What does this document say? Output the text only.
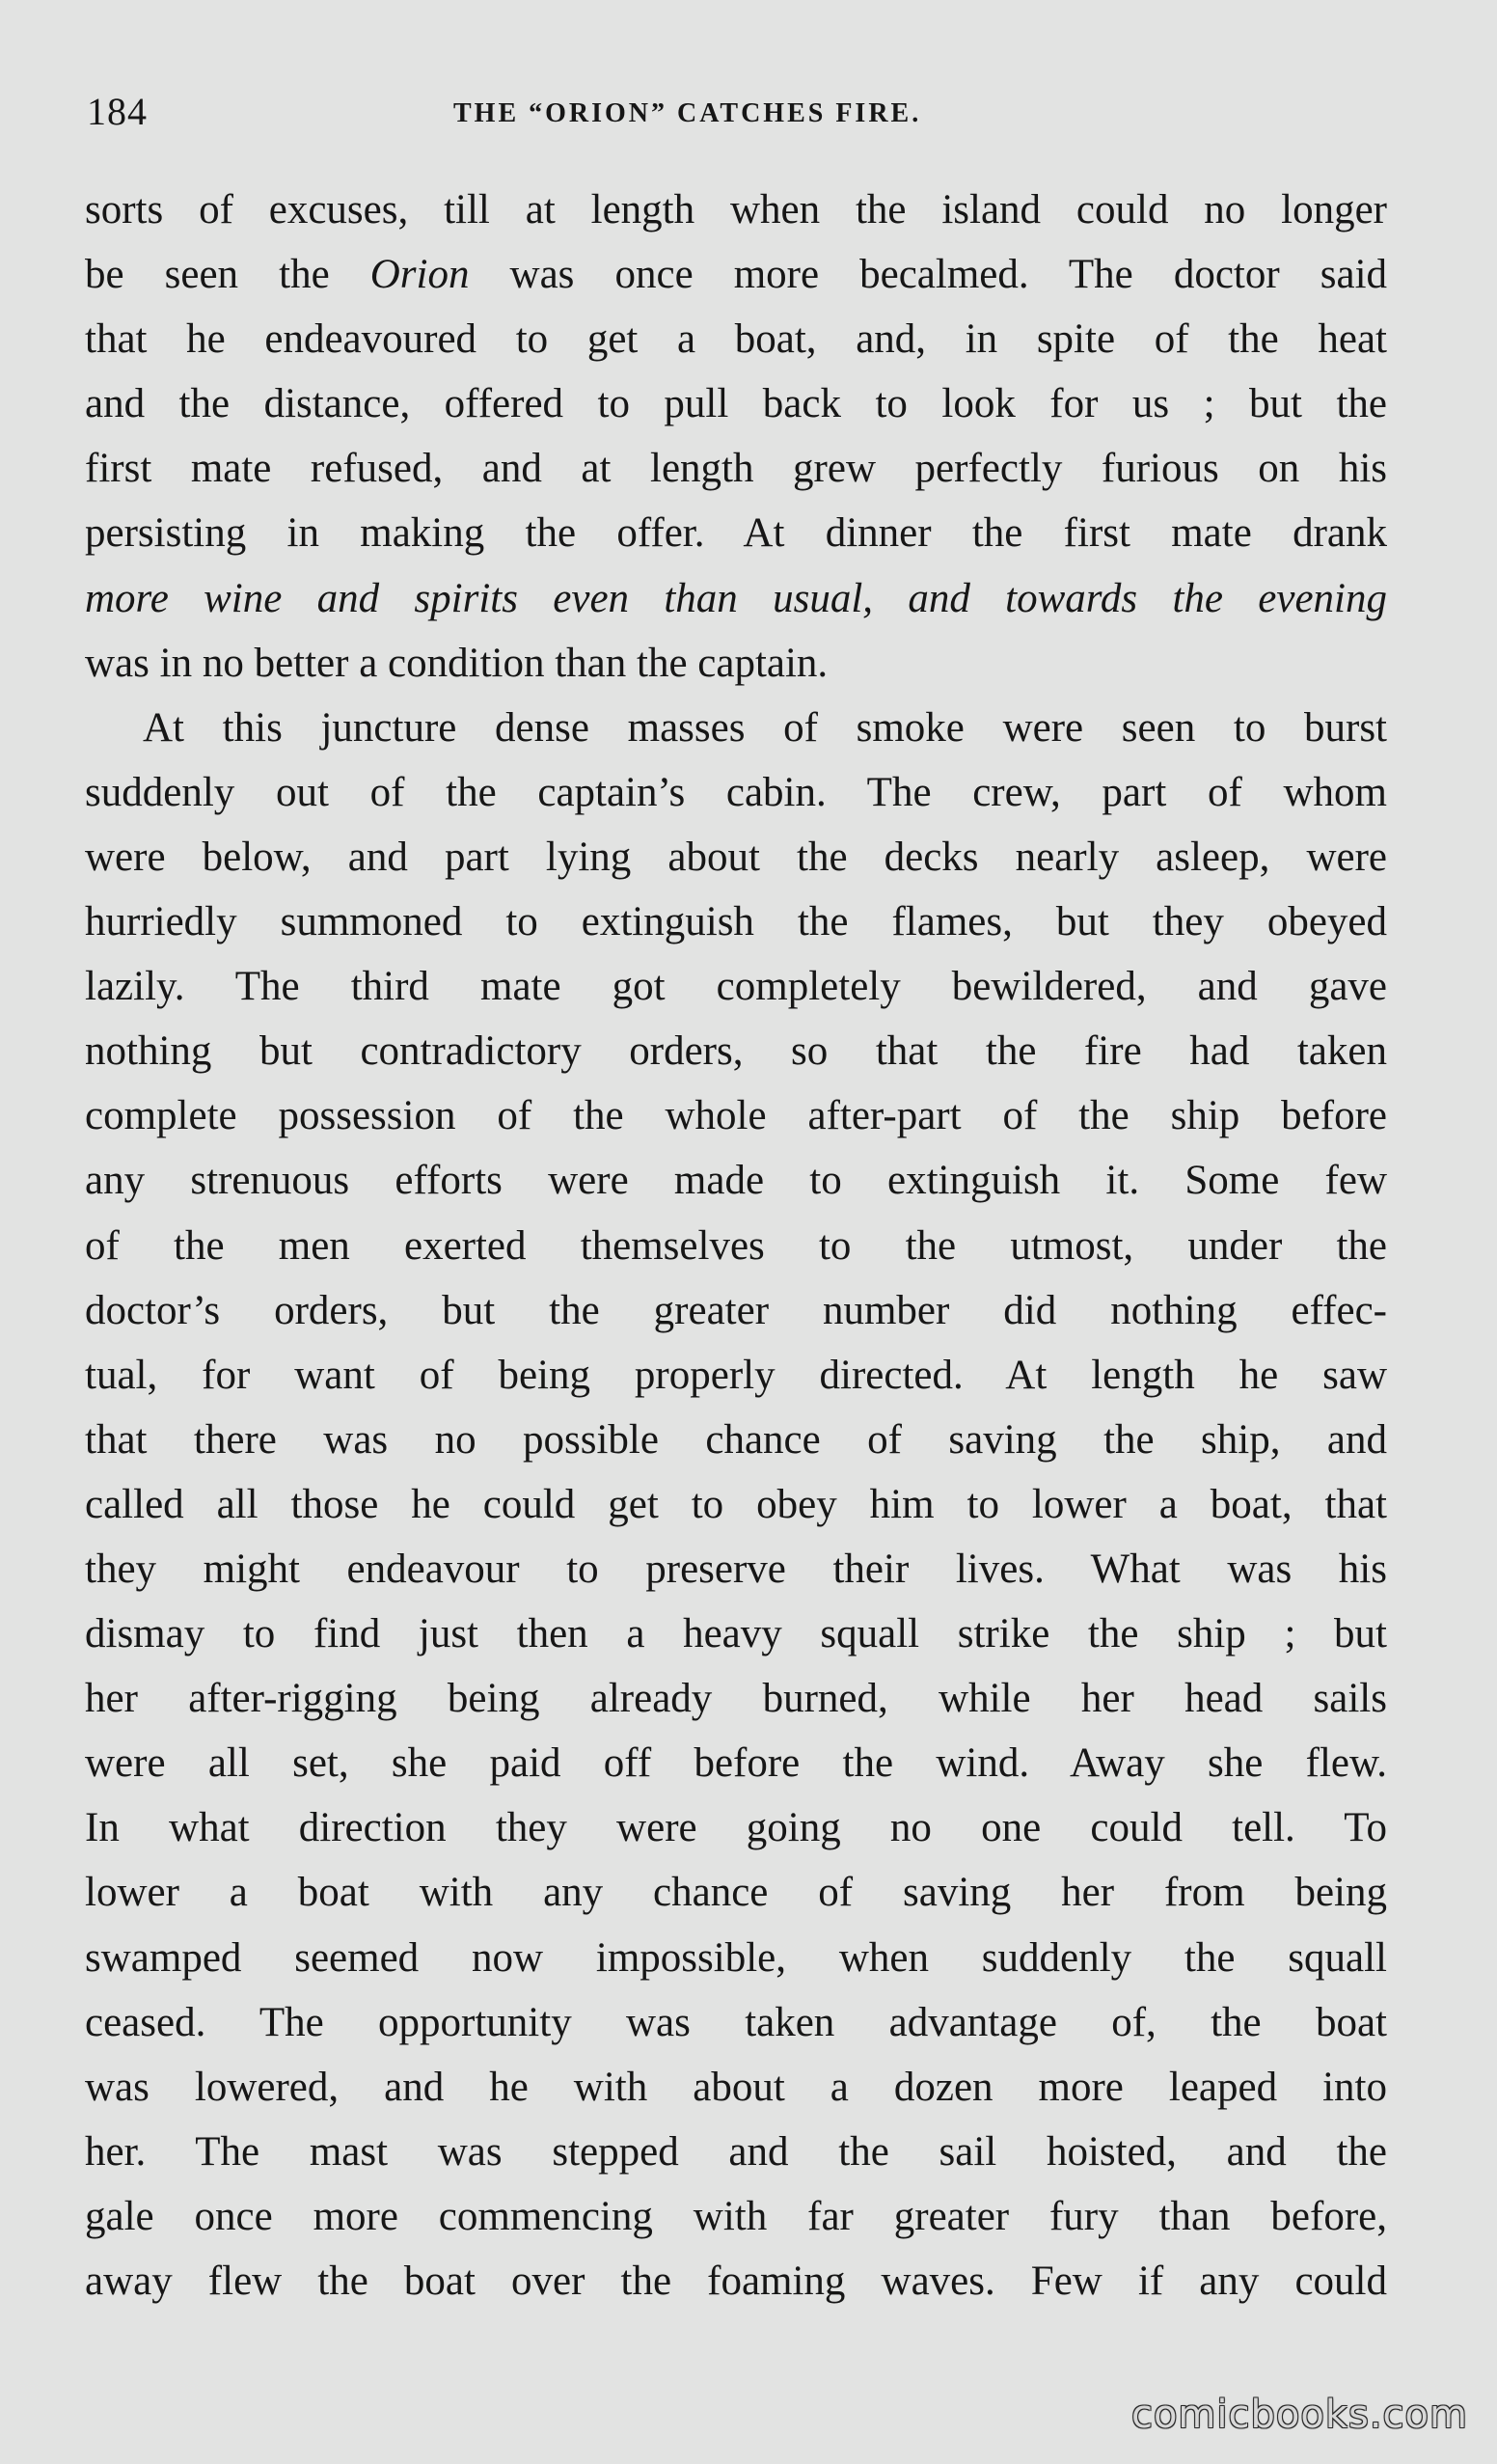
184	THE “ORION” CATCHES FIRE.
sorts of excuses, till at length when the island could no longer
be seen the Orion was once more becalmed. The doctor said
that he endeavoured to get a boat, and, in spite of the heat
and the distance, offered to pull back to look for us ; but the
first mate refused, and at length grew perfectly furious on his
persisting in making the offer. At dinner the first mate drank
more wine and spirits even than usual, and towards the evening
was in no better a condition than the captain.
At this juncture dense masses of smoke were seen to burst
suddenly out of the captain’s cabin. The crew, part of whom
were below, and part lying about the decks nearly asleep, were
hurriedly summoned to extinguish the flames, but they obeyed
lazily. The third mate got completely bewildered, and gave
nothing but contradictory orders, so that the fire had taken
complete possession of the whole after-part of the ship before
any strenuous efforts were made to extinguish it. Some few
of the men exerted themselves to the utmost, under the
doctor’s orders, but the greater number did nothing effec-
tual, for want of being properly directed. At length he saw
that there was no possible chance of saving the ship, and
called all those he could get to obey him to lower a boat, that
they might endeavour to preserve their lives. What was his
dismay to find just then a heavy squall strike the ship ; but
her after-rigging being already burned, while her head sails
were all set, she paid off before the wind. Away she flew.
In what direction they were going no one could tell. To
lower a boat with any chance of saving her from being
swamped seemed now impossible, when suddenly the squall
ceased. The opportunity was taken advantage of, the boat
was lowered, and he with about a dozen more leaped into
her. The mast was stepped and the sail hoisted, and the
gale once more commencing with far greater fury than before,
away flew the boat over the foaming waves. Few if any could
comicbooks.com
